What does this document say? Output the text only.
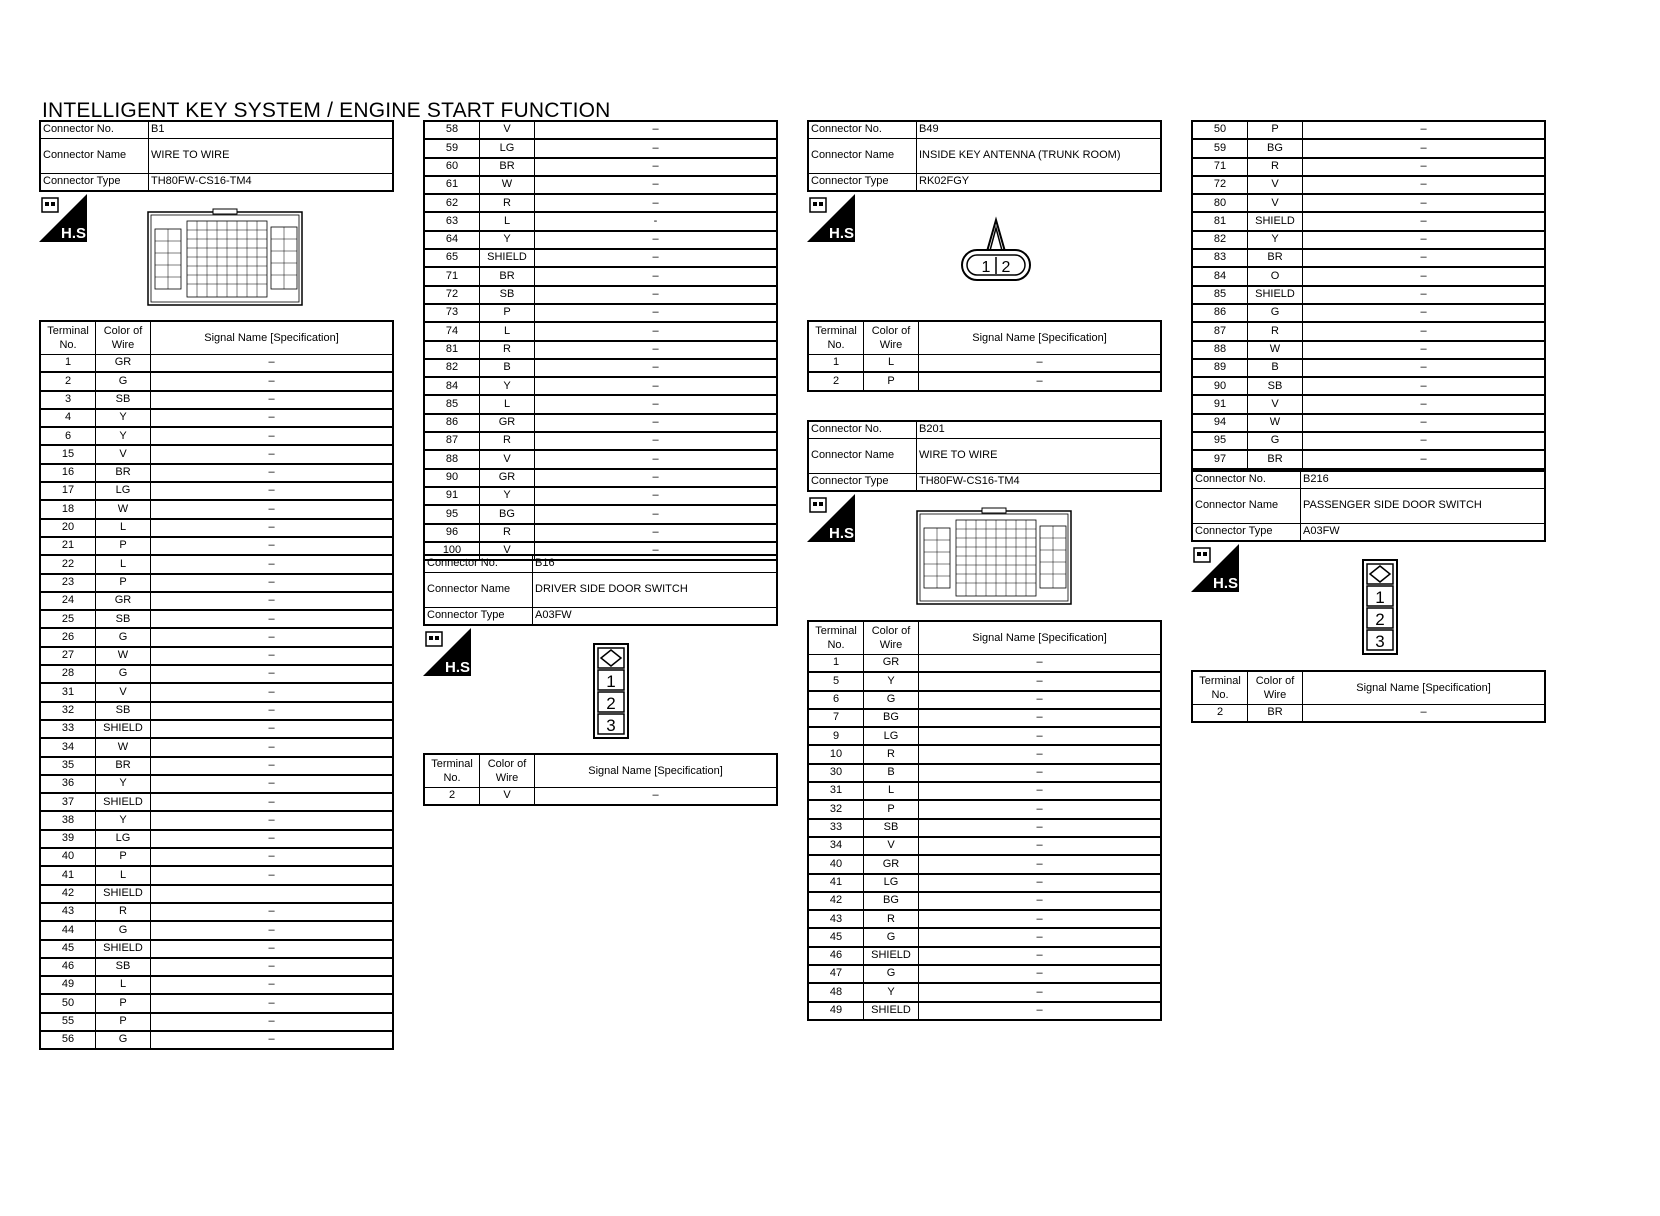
INTELLIGENT KEY SYSTEM / ENGINE START FUNCTION
Connector No.	B1
Connector Name	WIRE TO WIRE
Connector Type	TH80FW-CS16-TM4
H.S.
Terminal No.	Color of Wire	Signal Name [Specification]
1	GR	–
2	G	–
3	SB	–
4	Y	–
6	Y	–
15	V	–
16	BR	–
17	LG	–
18	W	–
20	L	–
21	P	–
22	L	–
23	P	–
24	GR	–
25	SB	–
26	G	–
27	W	–
28	G	–
31	V	–
32	SB	–
33	SHIELD	–
34	W	–
35	BR	–
36	Y	–
37	SHIELD	–
38	Y	–
39	LG	–
40	P	–
41	L	–
42	SHIELD	
43	R	–
44	G	–
45	SHIELD	–
46	SB	–
49	L	–
50	P	–
55	P	–
56	G	–
58	V	–
59	LG	–
60	BR	–
61	W	–
62	R	–
63	L	-
64	Y	–
65	SHIELD	–
71	BR	–
72	SB	–
73	P	–
74	L	–
81	R	–
82	B	–
84	Y	–
85	L	–
86	GR	–
87	R	–
88	V	–
90	GR	–
91	Y	–
95	BG	–
96	R	–
100	V	–
Connector No.	B16
Connector Name	DRIVER SIDE DOOR SWITCH
Connector Type	A03FW
H.S.
1
2
3
Terminal No.	Color of Wire	Signal Name [Specification]
2	V	–
Connector No.	B49
Connector Name	INSIDE KEY ANTENNA (TRUNK ROOM)
Connector Type	RK02FGY
H.S.
1 2
Terminal No.	Color of Wire	Signal Name [Specification]
1	L	–
2	P	–
Connector No.	B201
Connector Name	WIRE TO WIRE
Connector Type	TH80FW-CS16-TM4
H.S.
Terminal No.	Color of Wire	Signal Name [Specification]
1	GR	–
5	Y	–
6	G	–
7	BG	–
9	LG	–
10	R	–
30	B	–
31	L	–
32	P	–
33	SB	–
34	V	–
40	GR	–
41	LG	–
42	BG	–
43	R	–
45	G	–
46	SHIELD	–
47	G	–
48	Y	–
49	SHIELD	–
50	P	–
59	BG	–
71	R	–
72	V	–
80	V	–
81	SHIELD	–
82	Y	–
83	BR	–
84	O	–
85	SHIELD	–
86	G	–
87	R	–
88	W	–
89	B	–
90	SB	–
91	V	–
94	W	–
95	G	–
97	BR	–
Connector No.	B216
Connector Name	PASSENGER SIDE DOOR SWITCH
Connector Type	A03FW
H.S.
1
2
3
Terminal No.	Color of Wire	Signal Name [Specification]
2	BR	–
